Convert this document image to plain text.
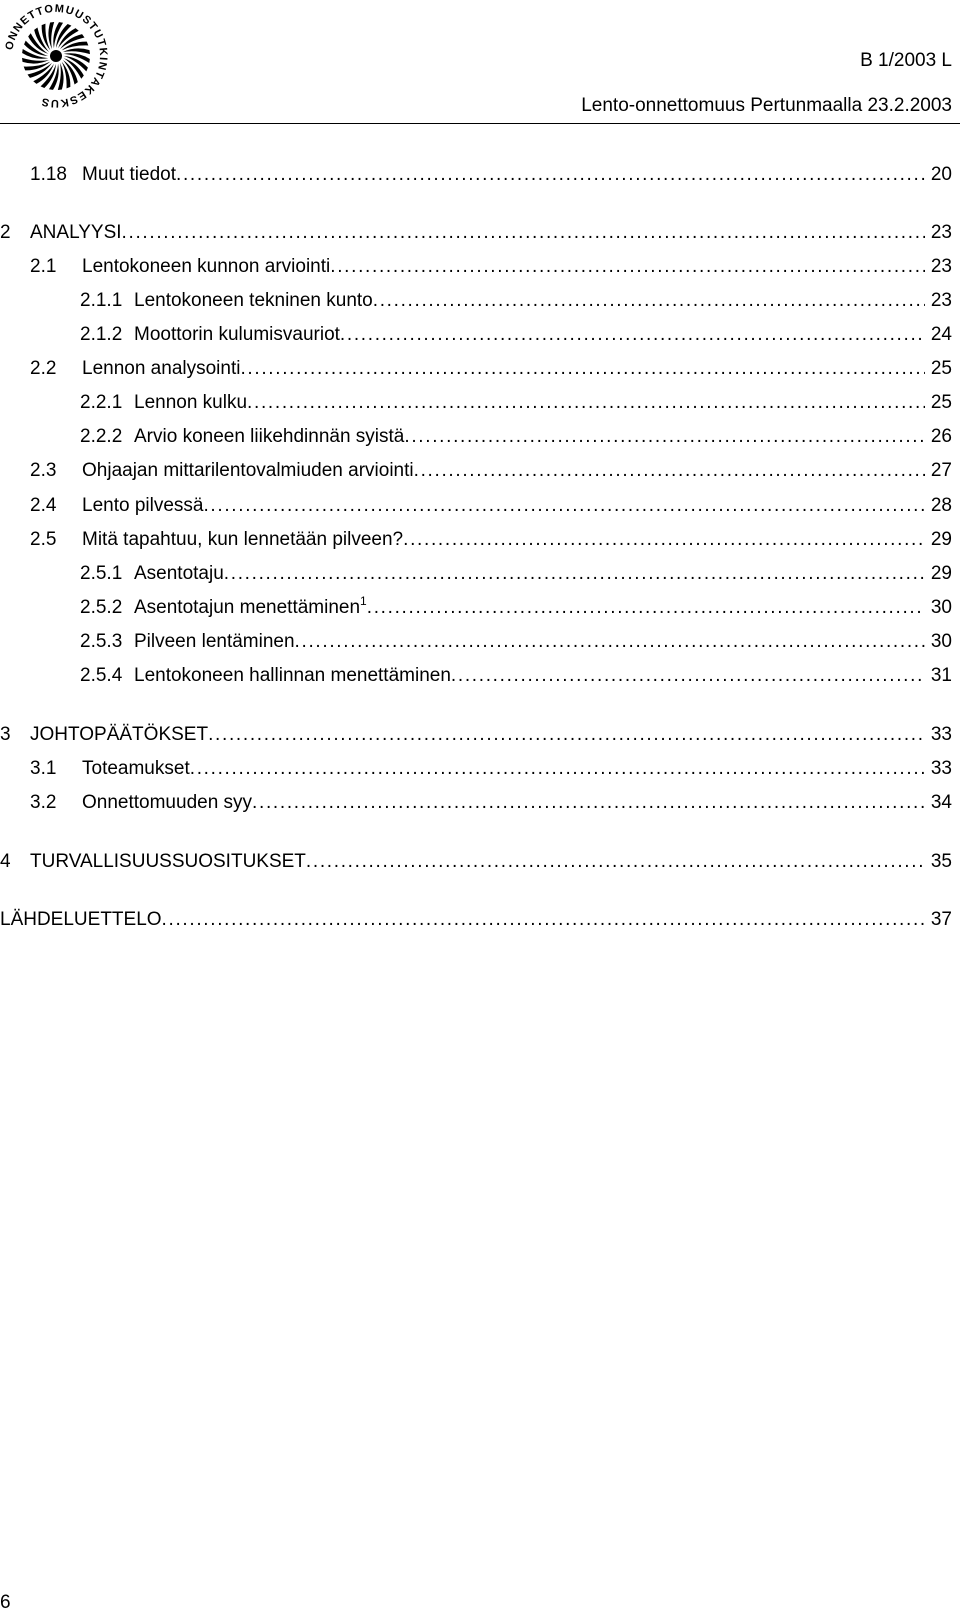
ONNETTOMUUSTUTKINTAKESKUS
B 1/2003 L
Lento-onnettomuus Pertunmaalla 23.2.2003
1.18 Muut tiedot . . .	20
2	ANALYYSI . . .	23
2.1	Lentokoneen kunnon arviointi . . .	23
2.1.1 Lentokoneen tekninen kunto . . .	23
2.1.2 Moottorin kulumisvauriot . . .	24
2.2	Lennon analysointi . . .	25
2.2.1 Lennon kulku . . .	25
2.2.2 Arvio koneen liikehdinnän syistä . . .	26
2.3	Ohjaajan mittarilentovalmiuden arviointi . . .	27
2.4	Lento pilvessä . . .	28
2.5	Mitä tapahtuu, kun lennetään pilveen? . . .	29
2.5.1 Asentotaju . . .	29
2.5.2 Asentotajun menettäminen$^1$ . . .	30
2.5.3 Pilveen lentäminen . . .	30
2.5.4 Lentokoneen hallinnan menettäminen . . .	31
3	JOHTOPÄÄTÖKSET . . .	33
3.1	Toteamukset . . .	33
3.2	Onnettomuuden syy . . .	34
4	TURVALLISUUSSUOSITUKSET . . .	35
LÄHDELUETTELO . . .	37
6
